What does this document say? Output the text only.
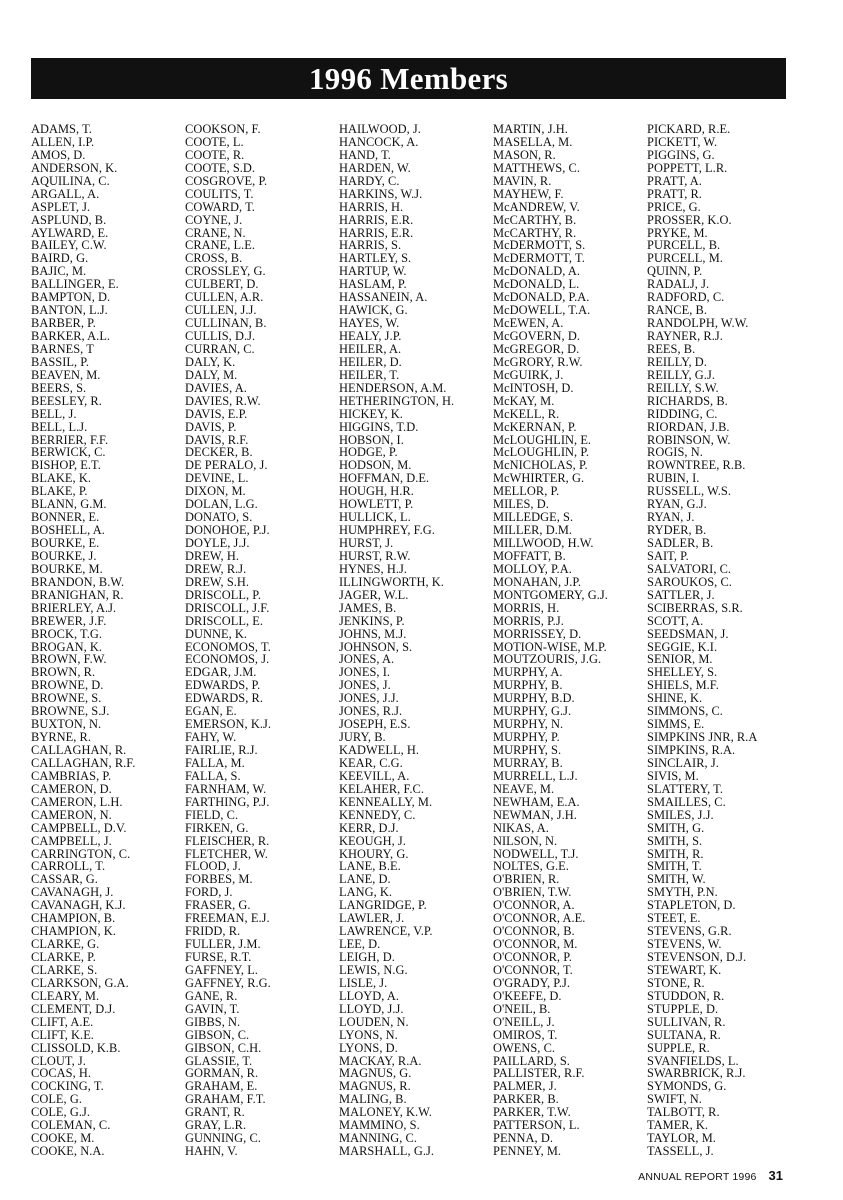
1996 Members
ADAMS, T.
ALLEN, I.P.
AMOS, D.
ANDERSON, K.
AQUILINA, C.
ARGALL, A.
ASPLET, J.
ASPLUND, B.
AYLWARD, E.
BAILEY, C.W.
BAIRD, G.
BAJIC, M.
BALLINGER, E.
BAMPTON, D.
BANTON, L.J.
BARBER, P.
BARKER, A.L.
BARNES, T
BASSIL, P.
BEAVEN, M.
BEERS, S.
BEESLEY, R.
BELL, J.
BELL, L.J.
BERRIER, F.F.
BERWICK, C.
BISHOP, E.T.
BLAKE, K.
BLAKE, P.
BLANN, G.M.
BONNER, E.
BOSHELL, A.
BOURKE, E.
BOURKE, J.
BOURKE, M.
BRANDON, B.W.
BRANIGHAN, R.
BRIERLEY, A.J.
BREWER, J.F.
BROCK, T.G.
BROGAN, K.
BROWN, F.W.
BROWN, R.
BROWNE, D.
BROWNE, S.
BROWNE, S.J.
BUXTON, N.
BYRNE, R.
CALLAGHAN, R.
CALLAGHAN, R.F.
CAMBRIAS, P.
CAMERON, D.
CAMERON, L.H.
CAMERON, N.
CAMPBELL, D.V.
CAMPBELL, J.
CARRINGTON, C.
CARROLL, T.
CASSAR, G.
CAVANAGH, J.
CAVANAGH, K.J.
CHAMPION, B.
CHAMPION, K.
CLARKE, G.
CLARKE, P.
CLARKE, S.
CLARKSON, G.A.
CLEARY, M.
CLEMENT, D.J.
CLIFT, A.E.
CLIFT, K.E.
CLISSOLD, K.B.
CLOUT, J.
COCAS, H.
COCKING, T.
COLE, G.
COLE, G.J.
COLEMAN, C.
COOKE, M.
COOKE, N.A.
COOKSON, F.
COOTE, L.
COOTE, R.
COOTE, S.D.
COSGROVE, P.
COULITS, T.
COWARD, T.
COYNE, J.
CRANE, N.
CRANE, L.E.
CROSS, B.
CROSSLEY, G.
CULBERT, D.
CULLEN, A.R.
CULLEN, J.J.
CULLINAN, B.
CULLIS, D.J.
CURRAN, C.
DALY, K.
DALY, M.
DAVIES, A.
DAVIES, R.W.
DAVIS, E.P.
DAVIS, P.
DAVIS, R.F.
DECKER, B.
DE PERALO, J.
DEVINE, L.
DIXON, M.
DOLAN, L.G.
DONATO, S.
DONOHOE, P.J.
DOYLE, J.J.
DREW, H.
DREW, R.J.
DREW, S.H.
DRISCOLL, P.
DRISCOLL, J.F.
DRISCOLL, E.
DUNNE, K.
ECONOMOS, T.
ECONOMOS, J.
EDGAR, J.M.
EDWARDS, P.
EDWARDS, R.
EGAN, E.
EMERSON, K.J.
FAHY, W.
FAIRLIE, R.J.
FALLA, M.
FALLA, S.
FARNHAM, W.
FARTHING, P.J.
FIELD, C.
FIRKEN, G.
FLEISCHER, R.
FLETCHER, W.
FLOOD, J.
FORBES, M.
FORD, J.
FRASER, G.
FREEMAN, E.J.
FRIDD, R.
FULLER, J.M.
FURSE, R.T.
GAFFNEY, L.
GAFFNEY, R.G.
GANE, R.
GAVIN, T.
GIBBS, N.
GIBSON, C.
GIBSON, C.H.
GLASSIE, T.
GORMAN, R.
GRAHAM, E.
GRAHAM, F.T.
GRANT, R.
GRAY, L.R.
GUNNING, C.
HAHN, V.
HAILWOOD, J.
HANCOCK, A.
HAND, T.
HARDEN, W.
HARDY, C.
HARKINS, W.J.
HARRIS, H.
HARRIS, E.R.
HARRIS, E.R.
HARRIS, S.
HARTLEY, S.
HARTUP, W.
HASLAM, P.
HASSANEIN, A.
HAWICK, G.
HAYES, W.
HEALY, J.P.
HEILER, A.
HEILER, D.
HEILER, T.
HENDERSON, A.M.
HETHERINGTON, H.
HICKEY, K.
HIGGINS, T.D.
HOBSON, I.
HODGE, P.
HODSON, M.
HOFFMAN, D.E.
HOUGH, H.R.
HOWLETT, P.
HULLICK, L.
HUMPHREY, F.G.
HURST, J.
HURST, R.W.
HYNES, H.J.
ILLINGWORTH, K.
JAGER, W.L.
JAMES, B.
JENKINS, P.
JOHNS, M.J.
JOHNSON, S.
JONES, A.
JONES, I.
JONES, J.
JONES, J.J.
JONES, R.J.
JOSEPH, E.S.
JURY, B.
KADWELL, H.
KEAR, C.G.
KEEVILL, A.
KELAHER, F.C.
KENNEALLY, M.
KENNEDY, C.
KERR, D.J.
KEOUGH, J.
KHOURY, G.
LANE, B.E.
LANE, D.
LANG, K.
LANGRIDGE, P.
LAWLER, J.
LAWRENCE, V.P.
LEE, D.
LEIGH, D.
LEWIS, N.G.
LISLE, J.
LLOYD, A.
LLOYD, J.J.
LOUDEN, N.
LYONS, N.
LYONS, D.
MACKAY, R.A.
MAGNUS, G.
MAGNUS, R.
MALING, B.
MALONEY, K.W.
MAMMINO, S.
MANNING, C.
MARSHALL, G.J.
MARTIN, J.H.
MASELLA, M.
MASON, R.
MATTHEWS, C.
MAVIN, R.
MAYHEW, F.
McANDREW, V.
McCARTHY, B.
McCARTHY, R.
McDERMOTT, S.
McDERMOTT, T.
McDONALD, A.
McDONALD, L.
McDONALD, P.A.
McDOWELL, T.A.
McEWEN, A.
McGOVERN, D.
McGREGOR, D.
McGRORY, R.W.
McGUIRK, J.
McINTOSH, D.
McKAY, M.
McKELL, R.
McKERNAN, P.
McLOUGHLIN, E.
McLOUGHLIN, P.
McNICHOLAS, P.
McWHIRTER, G.
MELLOR, P.
MILES, D.
MILLEDGE, S.
MILLER, D.M.
MILLWOOD, H.W.
MOFFATT, B.
MOLLOY, P.A.
MONAHAN, J.P.
MONTGOMERY, G.J.
MORRIS, H.
MORRIS, P.J.
MORRISSEY, D.
MOTION-WISE, M.P.
MOUTZOURIS, J.G.
MURPHY, A.
MURPHY, B.
MURPHY, B.D.
MURPHY, G.J.
MURPHY, N.
MURPHY, P.
MURPHY, S.
MURRAY, B.
MURRELL, L.J.
NEAVE, M.
NEWHAM, E.A.
NEWMAN, J.H.
NIKAS, A.
NILSON, N.
NODWELL, T.J.
NOLTES, G.E.
O'BRIEN, R.
O'BRIEN, T.W.
O'CONNOR, A.
O'CONNOR, A.E.
O'CONNOR, B.
O'CONNOR, M.
O'CONNOR, P.
O'CONNOR, T.
O'GRADY, P.J.
O'KEEFE, D.
O'NEIL, B.
O'NEILL, J.
OMIROS, T.
OWENS, C.
PAILLARD, S.
PALLISTER, R.F.
PALMER, J.
PARKER, B.
PARKER, T.W.
PATTERSON, L.
PENNA, D.
PENNEY, M.
PICKARD, R.E.
PICKETT, W.
PIGGINS, G.
POPPETT, L.R.
PRATT, A.
PRATT, R.
PRICE, G.
PROSSER, K.O.
PRYKE, M.
PURCELL, B.
PURCELL, M.
QUINN, P.
RADALJ, J.
RADFORD, C.
RANCE, B.
RANDOLPH, W.W.
RAYNER, R.J.
REES, B.
REILLY, D.
REILLY, G.J.
REILLY, S.W.
RICHARDS, B.
RIDDING, C.
RIORDAN, J.B.
ROBINSON, W.
ROGIS, N.
ROWNTREE, R.B.
RUBIN, I.
RUSSELL, W.S.
RYAN, G.J.
RYAN, J.
RYDER, B.
SADLER, B.
SAIT, P.
SALVATORI, C.
SAROUKOS, C.
SATTLER, J.
SCIBERRAS, S.R.
SCOTT, A.
SEEDSMAN, J.
SEGGIE, K.I.
SENIOR, M.
SHELLEY, S.
SHIELS, M.F.
SHINE, K.
SIMMONS, C.
SIMMS, E.
SIMPKINS JNR, R.A
SIMPKINS, R.A.
SINCLAIR, J.
SIVIS, M.
SLATTERY, T.
SMAILLES, C.
SMILES, J.J.
SMITH, G.
SMITH, S.
SMITH, R.
SMITH, T.
SMITH, W.
SMYTH, P.N.
STAPLETON, D.
STEET, E.
STEVENS, G.R.
STEVENS, W.
STEVENSON, D.J.
STEWART, K.
STONE, R.
STUDDON, R.
STUPPLE, D.
SULLIVAN, R.
SULTANA, R.
SUPPLE, R.
SVANFIELDS, L.
SWARBRICK, R.J.
SYMONDS, G.
SWIFT, N.
TALBOTT, R.
TAMER, K.
TAYLOR, M.
TASSELL, J.
ANNUAL REPORT 1996 31
